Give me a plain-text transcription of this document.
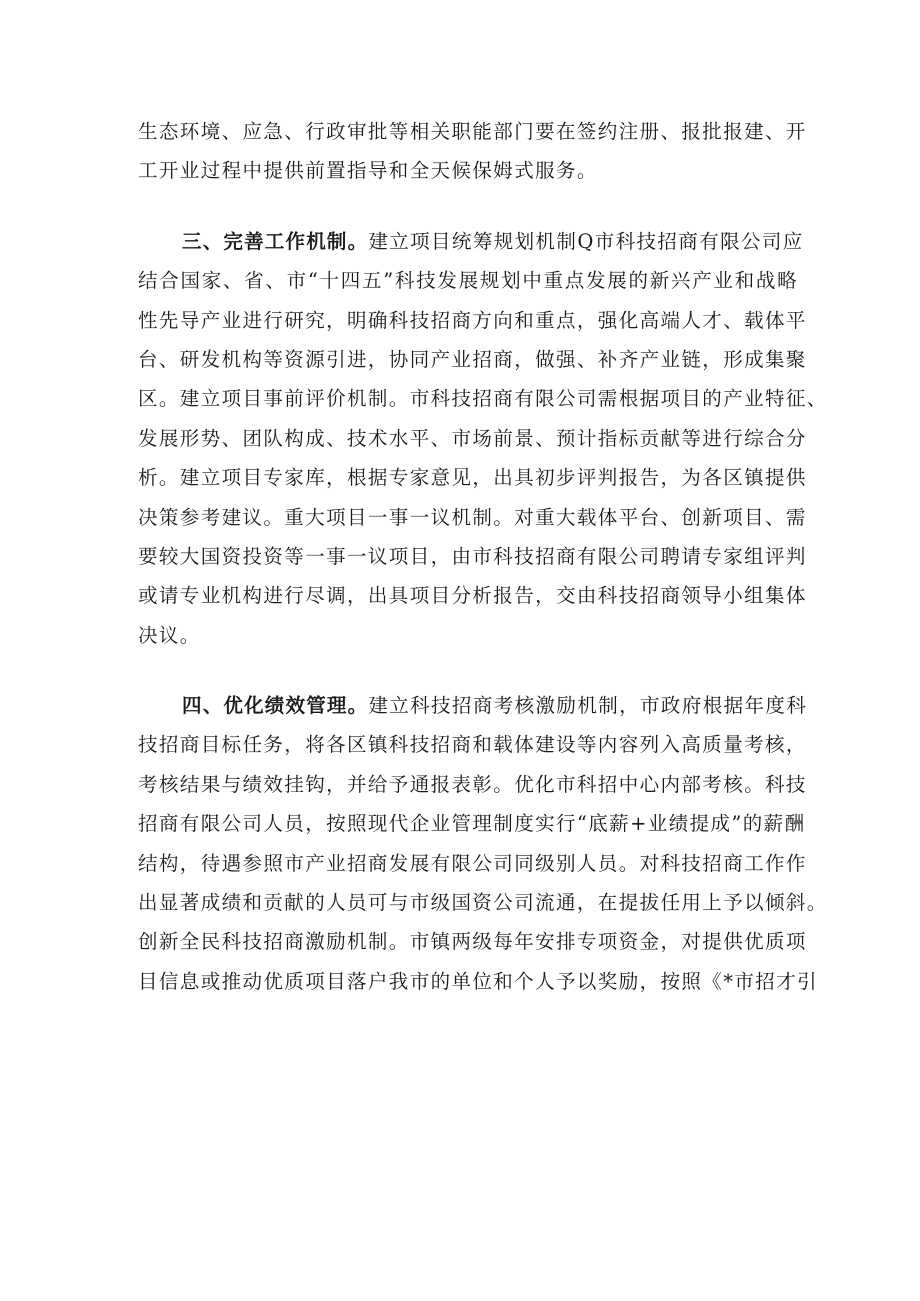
生态环境、应急、行政审批等相关职能部门要在签约注册、报批报建、开
工开业过程中提供前置指导和全天候保姆式服务。
三、完善工作机制。建立项目统筹规划机制Q市科技招商有限公司应
结合国家、省、市“十四五”科技发展规划中重点发展的新兴产业和战略
性先导产业进行研究，明确科技招商方向和重点，强化高端人才、载体平
台、研发机构等资源引进，协同产业招商，做强、补齐产业链，形成集聚
区。建立项目事前评价机制。市科技招商有限公司需根据项目的产业特征、
发展形势、团队构成、技术水平、市场前景、预计指标贡献等进行综合分
析。建立项目专家库，根据专家意见，出具初步评判报告，为各区镇提供
决策参考建议。重大项目一事一议机制。对重大载体平台、创新项目、需
要较大国资投资等一事一议项目，由市科技招商有限公司聘请专家组评判
或请专业机构进行尽调，出具项目分析报告，交由科技招商领导小组集体
决议。
四、优化绩效管理。建立科技招商考核激励机制，市政府根据年度科
技招商目标任务，将各区镇科技招商和载体建设等内容列入高质量考核，
考核结果与绩效挂钩，并给予通报表彰。优化市科招中心内部考核。科技
招商有限公司人员，按照现代企业管理制度实行“底薪+业绩提成”的薪酬
结构，待遇参照市产业招商发展有限公司同级别人员。对科技招商工作作
出显著成绩和贡献的人员可与市级国资公司流通，在提拔任用上予以倾斜。
创新全民科技招商激励机制。市镇两级每年安排专项资金，对提供优质项
目信息或推动优质项目落户我市的单位和个人予以奖励，按照《*市招才引
